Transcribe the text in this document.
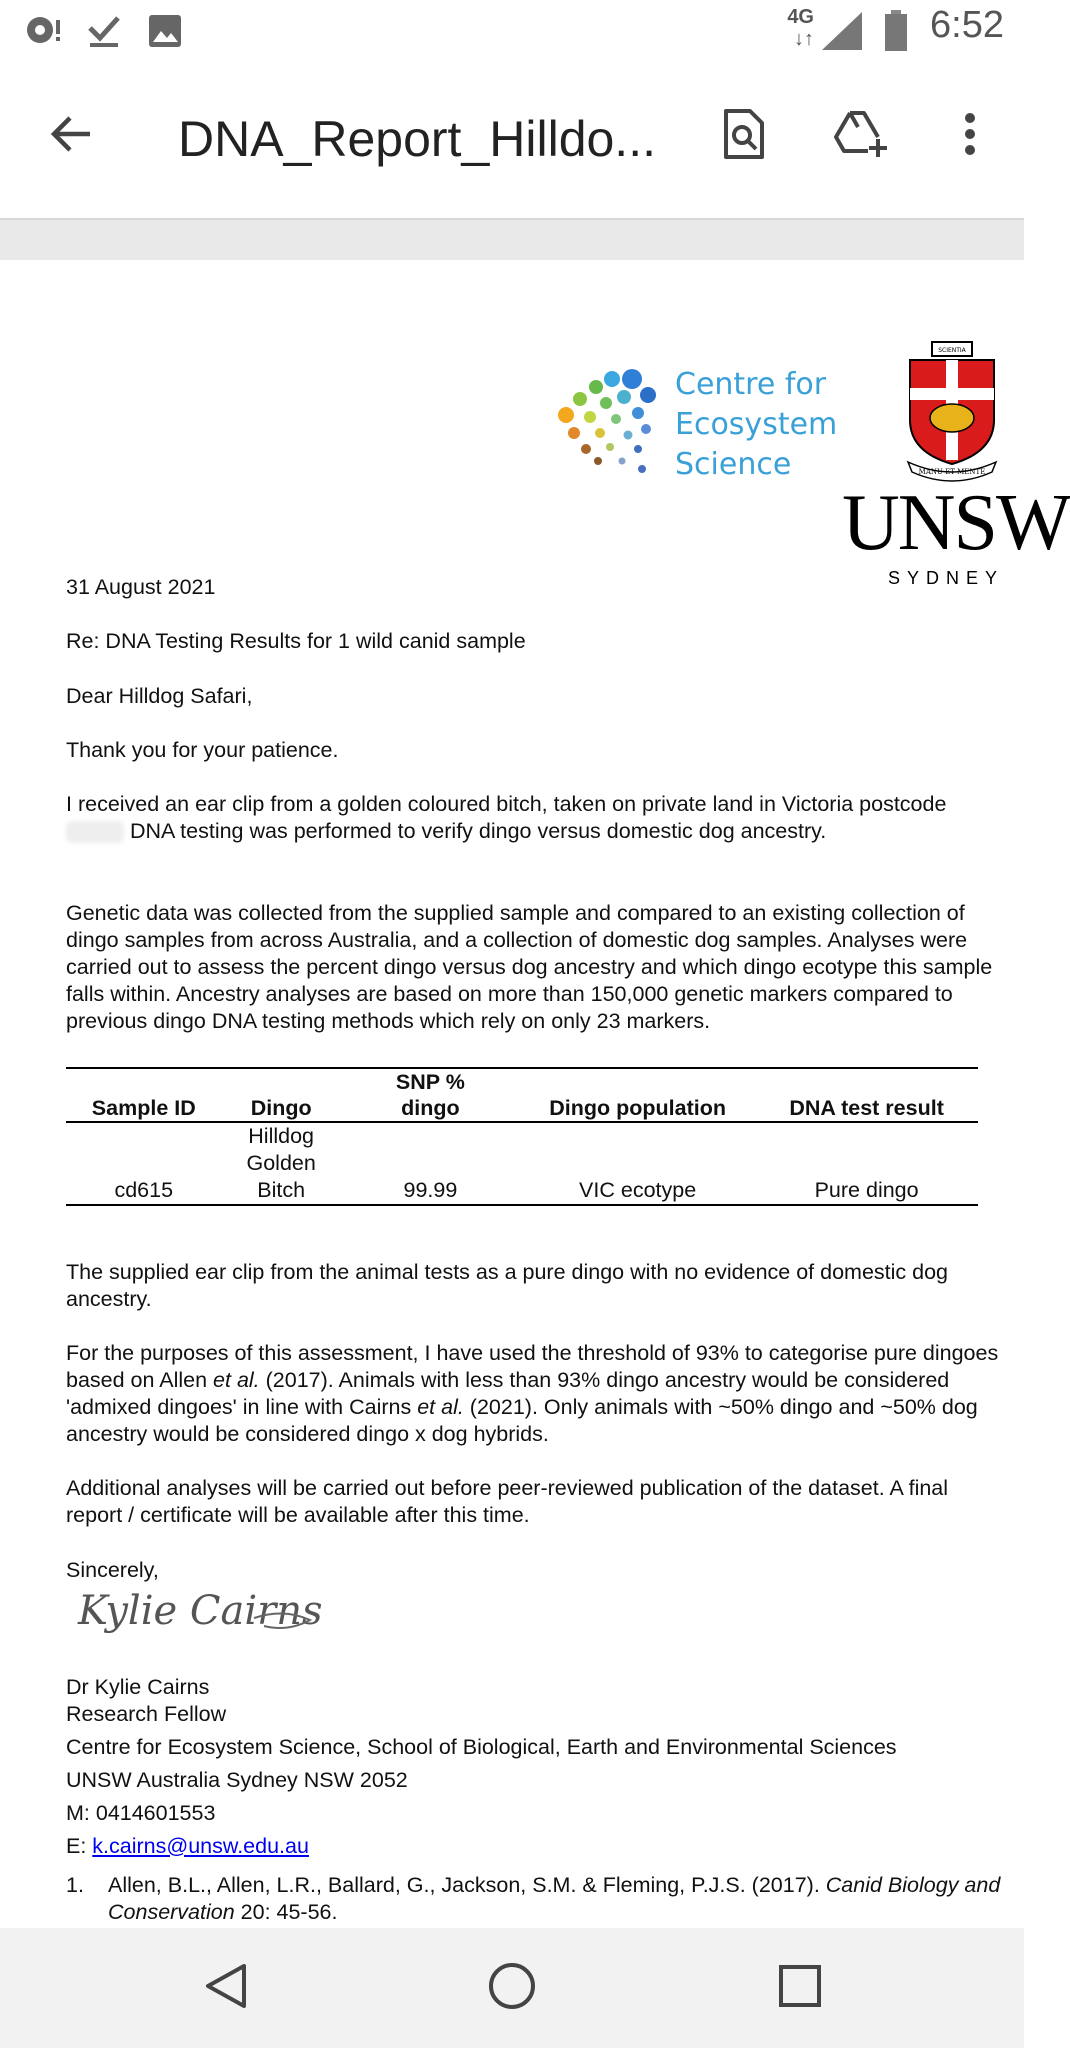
4G
↓↑	6:52
DNA_Report_Hilldo...
Centre for
Ecosystem
Science
SCIENTIA
MANU ET MENTE
UNSW
SYDNEY

31 August 2021

Re: DNA Testing Results for 1 wild canid sample

Dear Hilldog Safari,

Thank you for your patience.

I received an ear clip from a golden coloured bitch, taken on private land in Victoria postcode  DNA testing was performed to verify dingo versus domestic dog ancestry.

Genetic data was collected from the supplied sample and compared to an existing collection of dingo samples from across Australia, and a collection of domestic dog samples. Analyses were carried out to assess the percent dingo versus dog ancestry and which dingo ecotype this sample falls within. Ancestry analyses are based on more than 150,000 genetic markers compared to previous dingo DNA testing methods which rely on only 23 markers.

Sample ID	Dingo	SNP % dingo	Dingo population	DNA test result
cd615	Hilldog Golden Bitch	99.99	VIC ecotype	Pure dingo

The supplied ear clip from the animal tests as a pure dingo with no evidence of domestic dog ancestry.

For the purposes of this assessment, I have used the threshold of 93% to categorise pure dingoes based on Allen et al. (2017). Animals with less than 93% dingo ancestry would be considered 'admixed dingoes' in line with Cairns et al. (2021). Only animals with ~50% dingo and ~50% dog ancestry would be considered dingo x dog hybrids.

Additional analyses will be carried out before peer-reviewed publication of the dataset. A final report / certificate will be available after this time.

Sincerely,

Kylie Cairns

Dr Kylie Cairns

Research Fellow

Centre for Ecosystem Science, School of Biological, Earth and Environmental Sciences

UNSW Australia Sydney NSW 2052

M: 0414601553

E: k.cairns@unsw.edu.au

1. Allen, B.L., Allen, L.R., Ballard, G., Jackson, S.M. & Fleming, P.J.S. (2017). Canid Biology and Conservation 20: 45-56.
